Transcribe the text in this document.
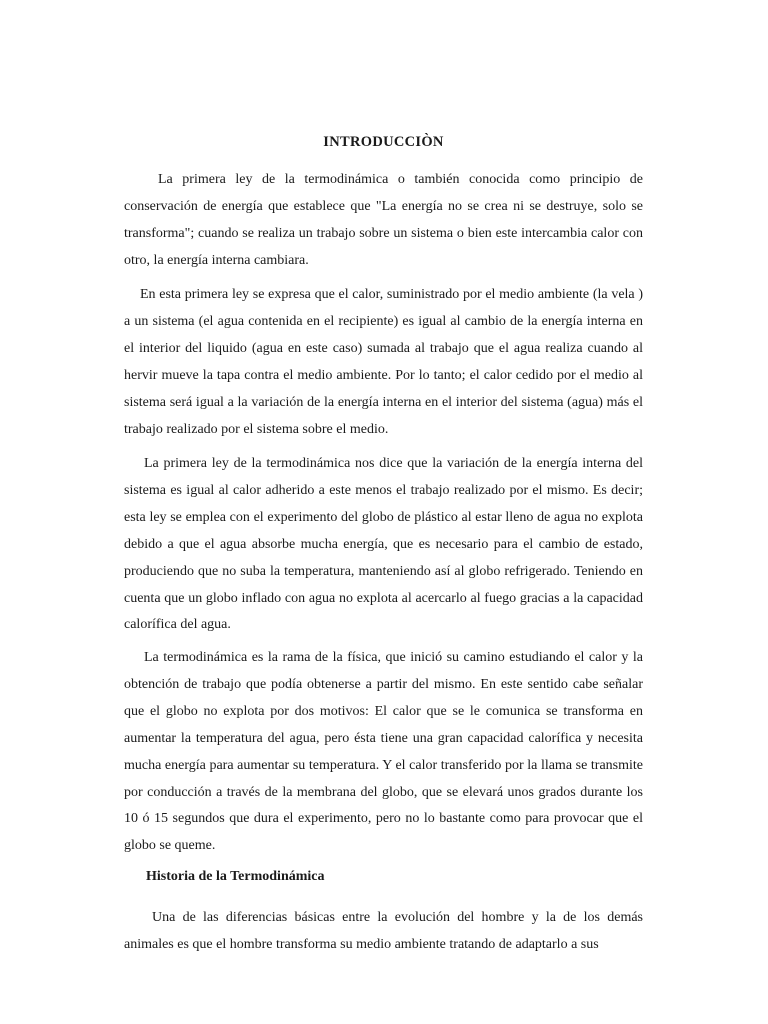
INTRODUCCIÒN

La primera ley de la termodinámica o también conocida como principio de conservación de energía que establece que "La energía no se crea ni se destruye, solo se transforma"; cuando se realiza un trabajo sobre un sistema o bien este intercambia calor con otro, la energía interna cambiara.

En esta primera ley se expresa que el calor, suministrado por el medio ambiente (la vela ) a un sistema (el agua contenida en el recipiente) es igual al cambio de la energía interna en el interior del liquido (agua en este caso) sumada al trabajo que el agua realiza cuando al hervir mueve la tapa contra el medio ambiente. Por lo tanto; el calor cedido por el medio al sistema será igual a la variación de la energía interna en el interior del sistema (agua) más el trabajo realizado por el sistema sobre el medio.

La primera ley de la termodinámica nos dice que la variación de la energía interna del sistema es igual al calor adherido a este menos el trabajo realizado por el mismo. Es decir; esta ley se emplea con el experimento del globo de plástico al estar lleno de agua no explota debido a que el agua absorbe mucha energía, que es necesario para el cambio de estado, produciendo que no suba la temperatura, manteniendo así al globo refrigerado. Teniendo en cuenta que un globo inflado con agua no explota al acercarlo al fuego gracias a la capacidad calorífica del agua.

La termodinámica es la rama de la física, que inició su camino estudiando el calor y la obtención de trabajo que podía obtenerse a partir del mismo. En este sentido cabe señalar que el globo no explota por dos motivos: El calor que se le comunica se transforma en aumentar la temperatura del agua, pero ésta tiene una gran capacidad calorífica y necesita mucha energía para aumentar su temperatura. Y el calor transferido por la llama se transmite por conducción a través de la membrana del globo, que se elevará unos grados durante los 10 ó 15 segundos que dura el experimento, pero no lo bastante como para provocar que el globo se queme.

Historia de la Termodinámica

Una de las diferencias básicas entre la evolución del hombre y la de los demás animales es que el hombre transforma su medio ambiente tratando de adaptarlo a sus
